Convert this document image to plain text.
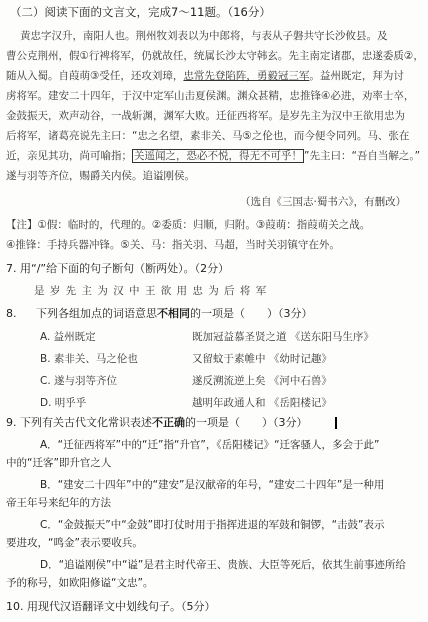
（二）阅读下面的文言文，完成7～11题。（16分）
黄忠字汉升，南阳人也。荆州牧刘表以为中郎将，与表从子磐共守长沙攸县。及
曹公克荆州，假①行裨将军，仍就故任，统属长沙太守韩玄。先主南定诸郡，忠遂委质②，
随从入蜀。自葭萌③受任，还攻刘璋，忠常先登陷阵，勇毅冠三军。益州既定，拜为讨
虏将军。建安二十四年，于汉中定军山击夏侯渊。渊众甚精，忠推锋④必进，劝率士卒，
金鼓振天，欢声动谷，一战斩渊，渊军大败。迁征西将军。是岁先主为汉中王欲用忠为
后将军，诸葛亮说先主曰：“忠之名望，素非关、马⑤之伦也，而今便令同列。马、张在
近，亲见其功，尚可喻指； 关遥闻之，恐必不悦，得无不可乎！ ”先主曰：“吾自当解之。”
遂与羽等齐位，赐爵关内侯。追谥刚侯。
（选自《三国志·蜀书六》，有删改）
【注】①假：临时的，代理的。②委质：归顺，归附。③葭萌：指葭萌关之战。
④推锋：手持兵器冲锋。⑤关、马：指关羽、马超，当时关羽镇守在外。
7. 用“/”给下面的句子断句（断两处）。（2分）
是 岁 先 主 为 汉 中 王 欲 用 忠 为 后 将 军
8. 下列各组加点的词语意思不相同的一项是（　　）（3分）
A. 益州既定	既加冠益慕圣贤之道 《送东阳马生序》
B. 素非关、马之伦也	又留蚊于素帷中 《幼时记趣》
C. 遂与羽等齐位	遂反溯流逆上矣 《河中石兽》
D. 明乎乎	越明年政通人和 《岳阳楼记》
9. 下列有关古代文化常识表述不正确的一项是（　　）（3分）
A．“迁征西将军”中的“迁”指“升官”，《岳阳楼记》“迁客骚人，多会于此”
中的“迁客”即升官之人
B．“建安二十四年”中的“建安”是汉献帝的年号，“建安二十四年”是一种用
帝王年号来纪年的方法
C．“金鼓振天”中“金鼓”即打仗时用于指挥进退的军鼓和铜锣，“击鼓”表示
要进攻，“鸣金”表示要收兵。
D．“追谥刚侯”中“谥”是君主时代帝王、贵族、大臣等死后，依其生前事迹所给
予的称号，如欧阳修谥“文忠”。
10. 用现代汉语翻译文中划线句子。（5分）
